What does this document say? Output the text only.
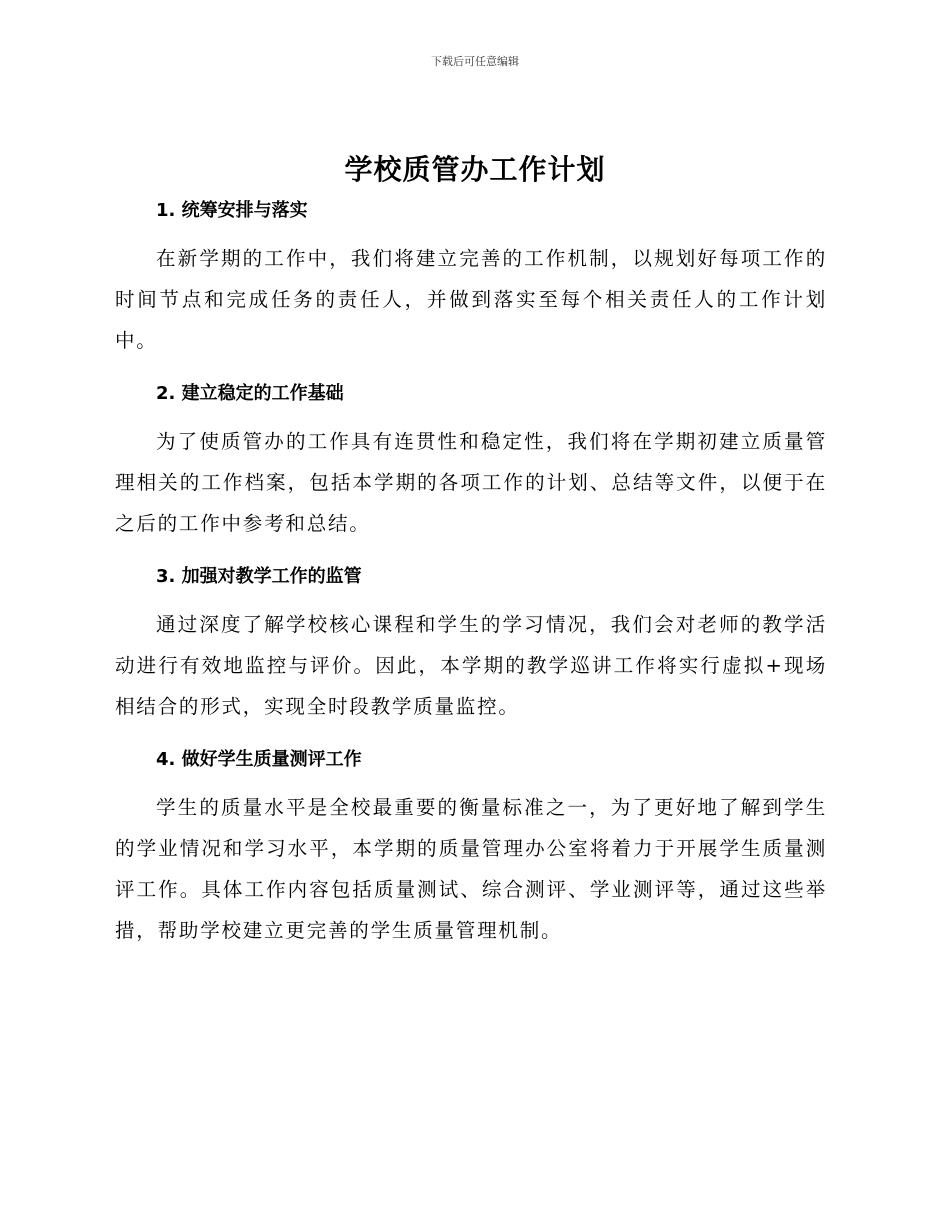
下载后可任意编辑
学校质管办工作计划
1. 统筹安排与落实

在新学期的工作中，我们将建立完善的工作机制，以规划好每项工作的时间节点和完成任务的责任人，并做到落实至每个相关责任人的工作计划中。

2. 建立稳定的工作基础

为了使质管办的工作具有连贯性和稳定性，我们将在学期初建立质量管理相关的工作档案，包括本学期的各项工作的计划、总结等文件，以便于在之后的工作中参考和总结。

3. 加强对教学工作的监管

通过深度了解学校核心课程和学生的学习情况，我们会对老师的教学活动进行有效地监控与评价。因此，本学期的教学巡讲工作将实行虚拟+现场相结合的形式，实现全时段教学质量监控。

4. 做好学生质量测评工作

学生的质量水平是全校最重要的衡量标准之一，为了更好地了解到学生的学业情况和学习水平，本学期的质量管理办公室将着力于开展学生质量测评工作。具体工作内容包括质量测试、综合测评、学业测评等，通过这些举措，帮助学校建立更完善的学生质量管理机制。
